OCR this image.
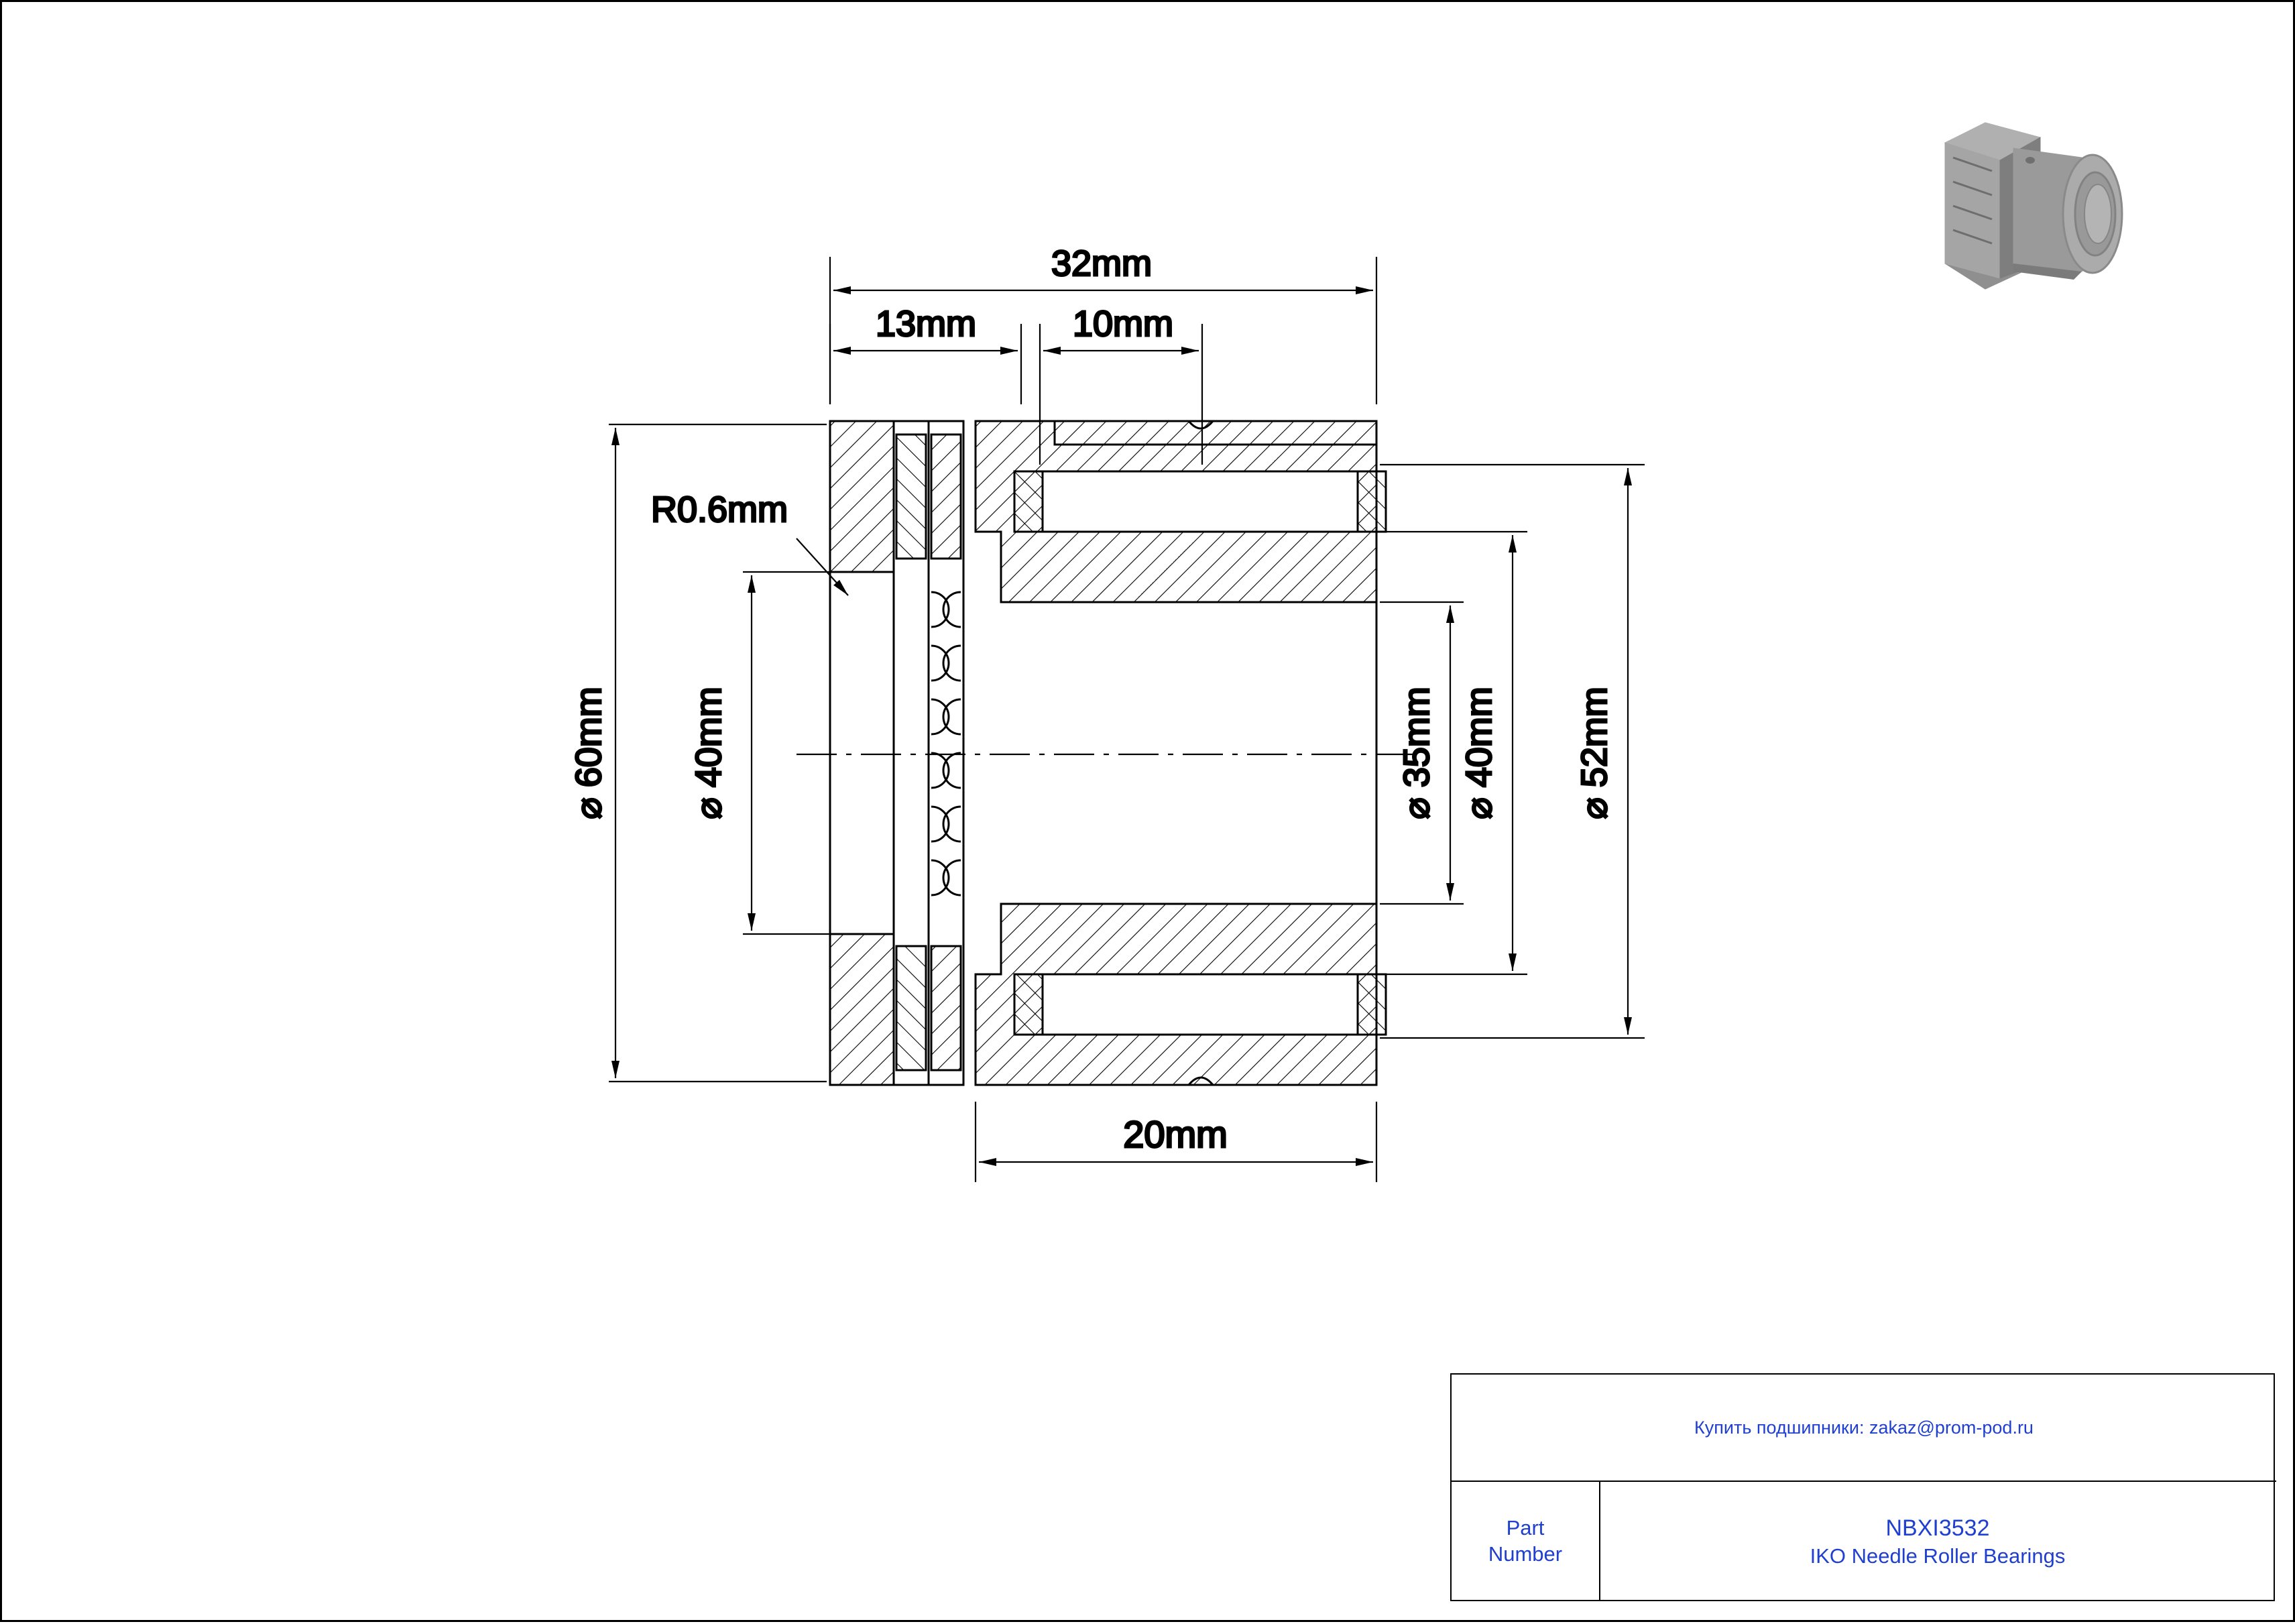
32mm
13mm	10mm
20mm
⌀ 60mm ⌀ 40mm	⌀ 35mm ⌀ 40mm ⌀ 52mm
R0.6mm
Купить подшипники: zakaz@prom-pod.ru
Part
Number
NBXI3532
IKO Needle Roller Bearings
